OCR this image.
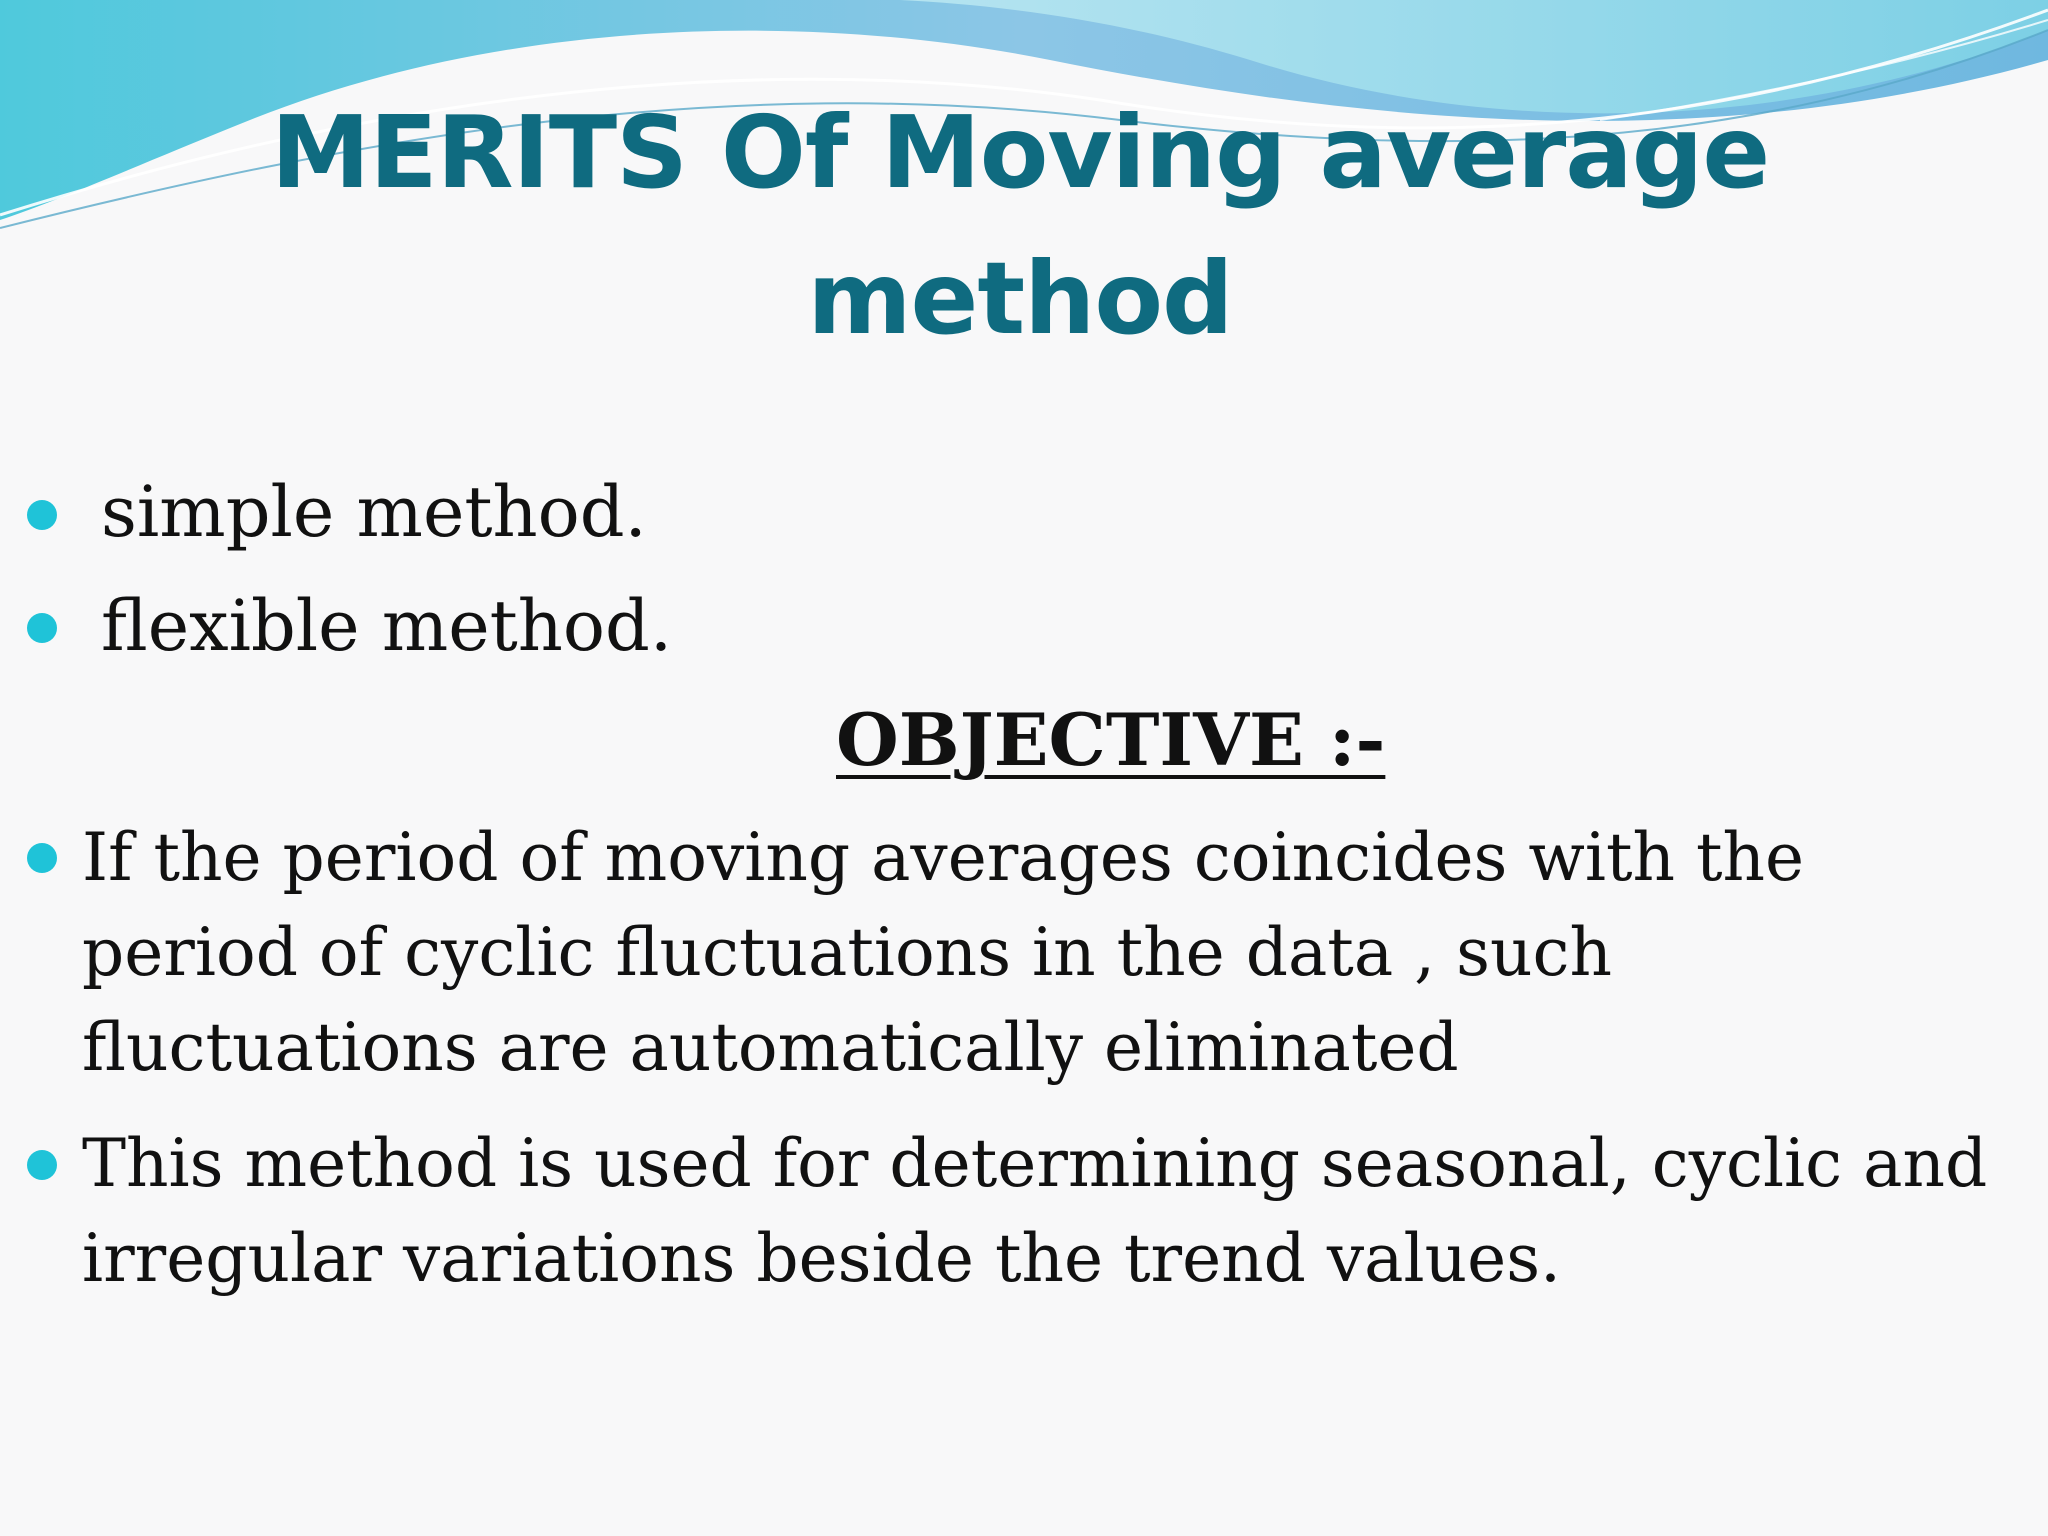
MERITS Of Moving average
method
simple method.
flexible method.
OBJECTIVE :-
If the period of moving averages coincides with the
period of cyclic fluctuations in the data , such
fluctuations are automatically eliminated
This method is used for determining seasonal, cyclic and
irregular variations beside the trend values.
